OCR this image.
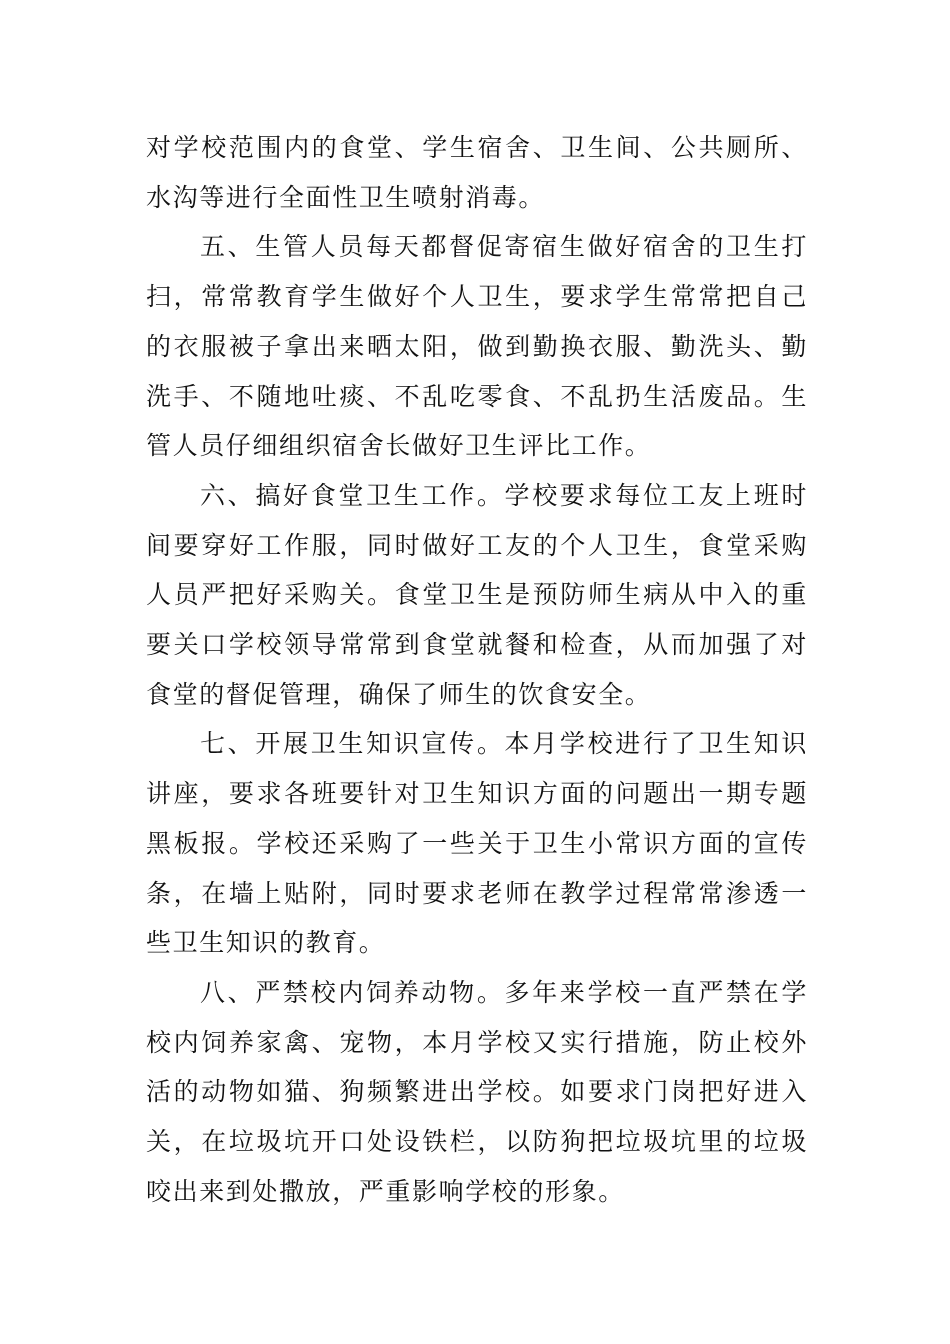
对学校范围内的食堂、学生宿舍、卫生间、公共厕所、水沟等进行全面性卫生喷射消毒。

五、生管人员每天都督促寄宿生做好宿舍的卫生打扫，常常教育学生做好个人卫生，要求学生常常把自己的衣服被子拿出来晒太阳，做到勤换衣服、勤洗头、勤洗手、不随地吐痰、不乱吃零食、不乱扔生活废品。生管人员仔细组织宿舍长做好卫生评比工作。

六、搞好食堂卫生工作。学校要求每位工友上班时间要穿好工作服，同时做好工友的个人卫生，食堂采购人员严把好采购关。食堂卫生是预防师生病从中入的重要关口学校领导常常到食堂就餐和检查，从而加强了对食堂的督促管理，确保了师生的饮食安全。

七、开展卫生知识宣传。本月学校进行了卫生知识讲座，要求各班要针对卫生知识方面的问题出一期专题黑板报。学校还采购了一些关于卫生小常识方面的宣传条，在墙上贴附，同时要求老师在教学过程常常渗透一些卫生知识的教育。

八、严禁校内饲养动物。多年来学校一直严禁在学校内饲养家禽、宠物，本月学校又实行措施，防止校外活的动物如猫、狗频繁进出学校。如要求门岗把好进入关，在垃圾坑开口处设铁栏，以防狗把垃圾坑里的垃圾咬出来到处撒放，严重影响学校的形象。
